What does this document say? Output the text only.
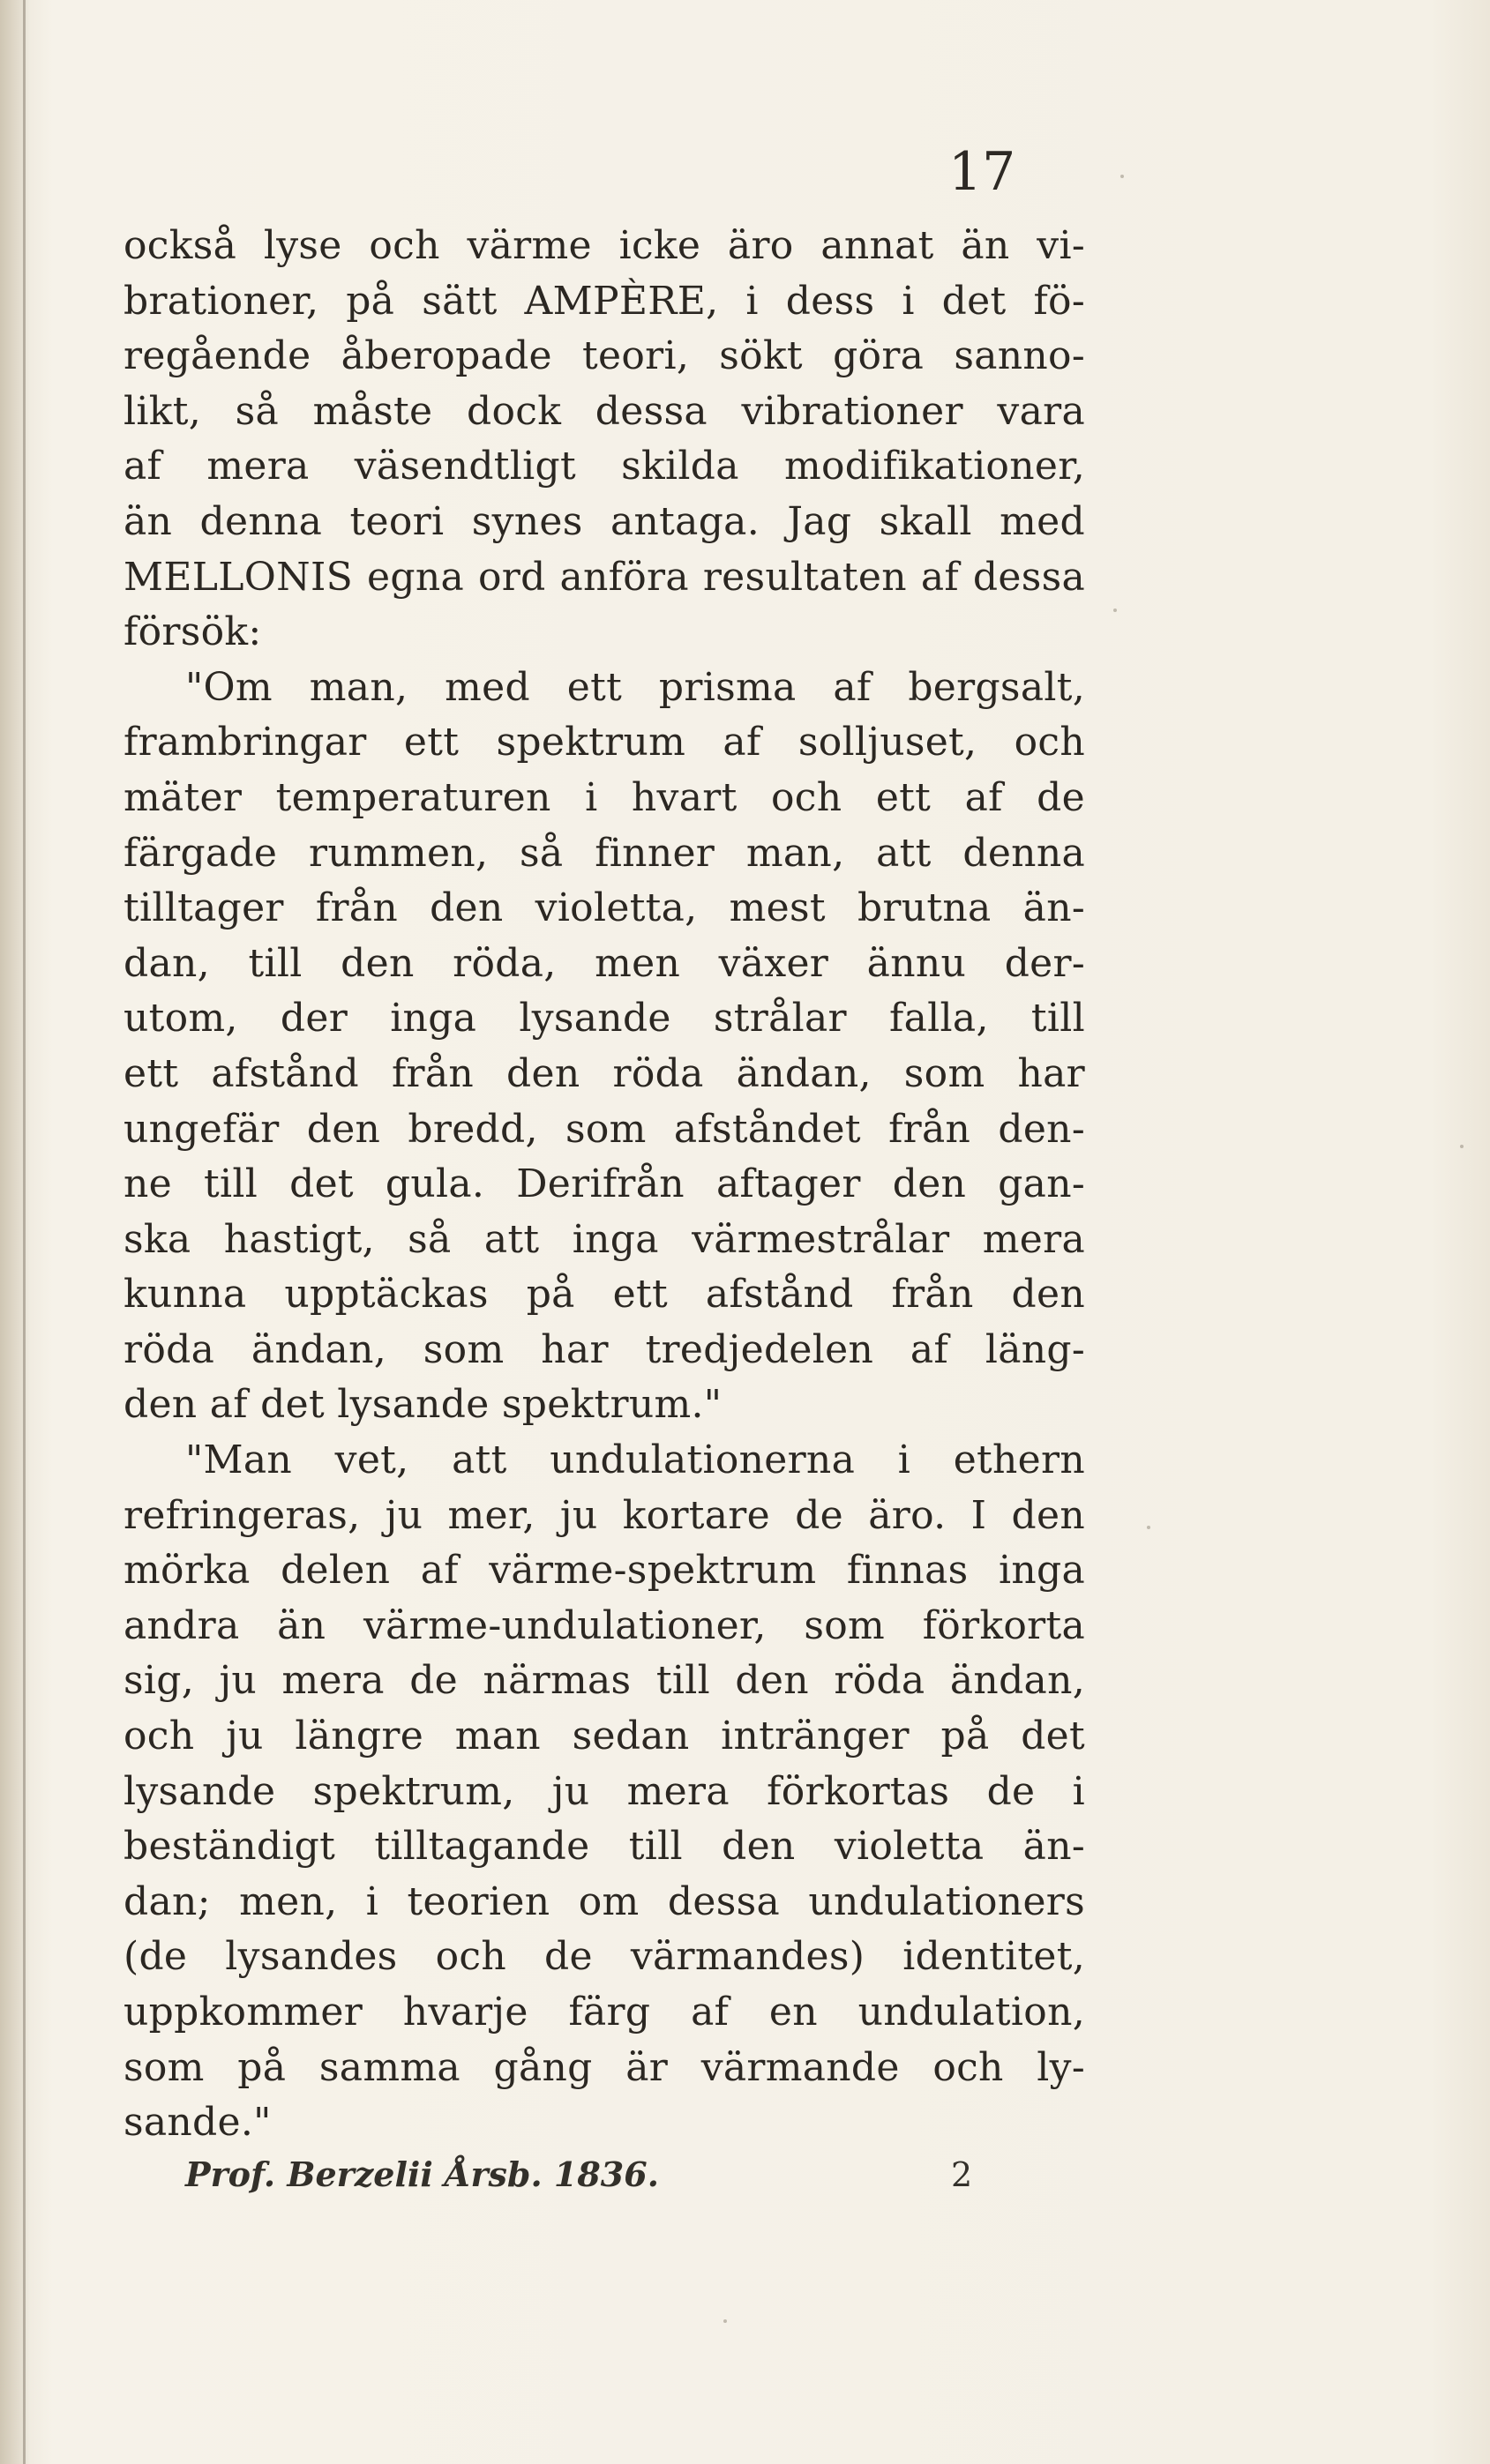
17
också lyse och värme icke äro annat än vi-
brationer, på sätt AMPÈRE, i dess i det fö-
regående åberopade teori, sökt göra sanno-
likt, så måste dock dessa vibrationer vara
af mera väsendtligt skilda modifikationer,
än denna teori synes antaga. Jag skall med
MELLONIS egna ord anföra resultaten af dessa
försök:
"Om man, med ett prisma af bergsalt,
frambringar ett spektrum af solljuset, och
mäter temperaturen i hvart och ett af de
färgade rummen, så finner man, att denna
tilltager från den violetta, mest brutna än-
dan, till den röda, men växer ännu der-
utom, der inga lysande strålar falla, till
ett afstånd från den röda ändan, som har
ungefär den bredd, som afståndet från den-
ne till det gula. Derifrån aftager den gan-
ska hastigt, så att inga värmestrålar mera
kunna upptäckas på ett afstånd från den
röda ändan, som har tredjedelen af läng-
den af det lysande spektrum."
"Man vet, att undulationerna i ethern
refringeras, ju mer, ju kortare de äro. I den
mörka delen af värme-spektrum finnas inga
andra än värme-undulationer, som förkorta
sig, ju mera de närmas till den röda ändan,
och ju längre man sedan intränger på det
lysande spektrum, ju mera förkortas de i
beständigt tilltagande till den violetta än-
dan; men, i teorien om dessa undulationers
(de lysandes och de värmandes) identitet,
uppkommer hvarje färg af en undulation,
som på samma gång är värmande och ly-
sande."
Prof. Berzelii Årsb. 1836.	2
